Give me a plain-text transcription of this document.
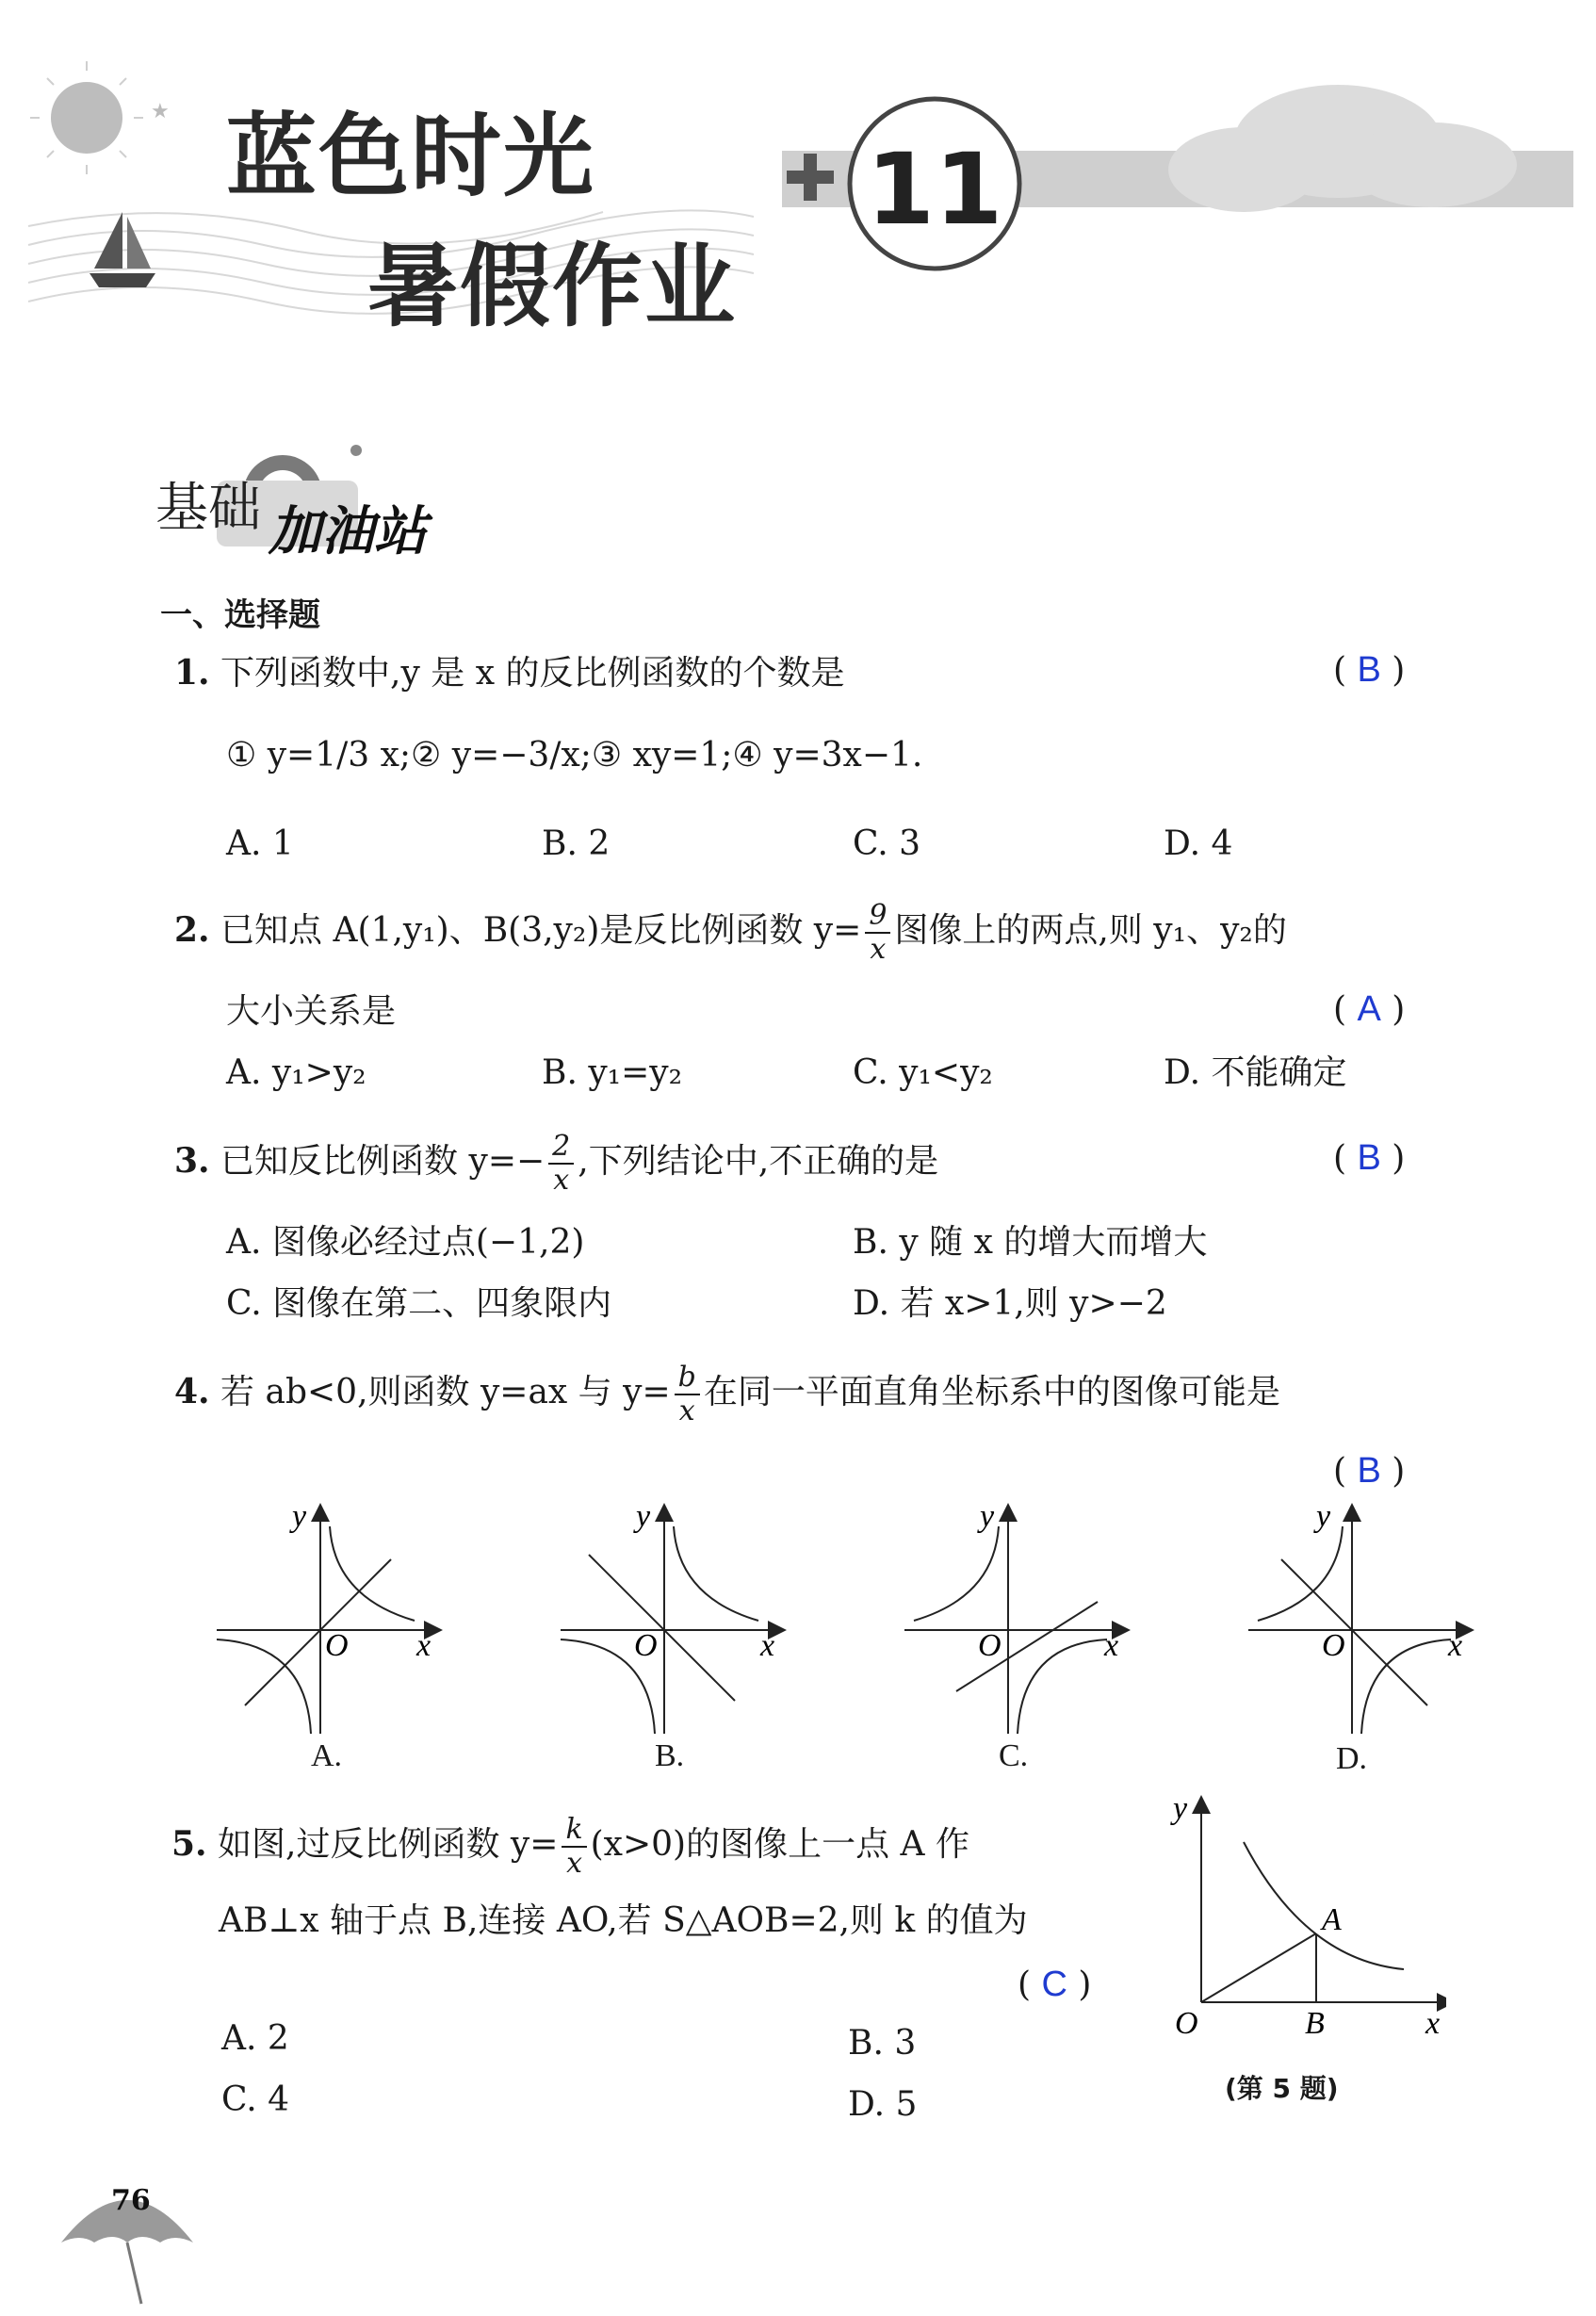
★ 蓝色时光
暑假作业
11
基础 加油站
一、选择题
1. 下列函数中,y 是 x 的反比例函数的个数是	( B )
① y=1/3 x;② y=−3/x;③ xy=1;④ y=3x−1.
A. 1	B. 2	C. 3	D. 4
2. 已知点 A(1,y₁)、B(3,y₂)是反比例函数 $y= \frac{9}{x}$ 图像上的两点,则 y₁、y₂的
大小关系是	( A )
A. y₁>y₂	B. y₁=y₂	C. y₁<y₂	D. 不能确定
3. 已知反比例函数 $y=- \frac{2}{x}$ ,下列结论中,不正确的是	( B )
A. 图像必经过点(−1,2)	B. y 随 x 的增大而增大
C. 图像在第二、四象限内	D. 若 x>1,则 y>−2
4. 若 ab<0,则函数 y=ax 与 $y= \frac{b}{x}$ 在同一平面直角坐标系中的图像可能是
( B )
y
O x
A.
y
O	x
B.
y
O	x
C.
y
O	x
D.
5. 如图,过反比例函数 $y= \frac{k}{x} (x>0)$的图像上一点 A 作
AB⊥x 轴于点 B,连接 AO,若 S△AOB=2,则 k 的值为
( C )
A. 2	B. 3
C. 4	D. 5
A
B
O	x
y
(第 5 题)
76
